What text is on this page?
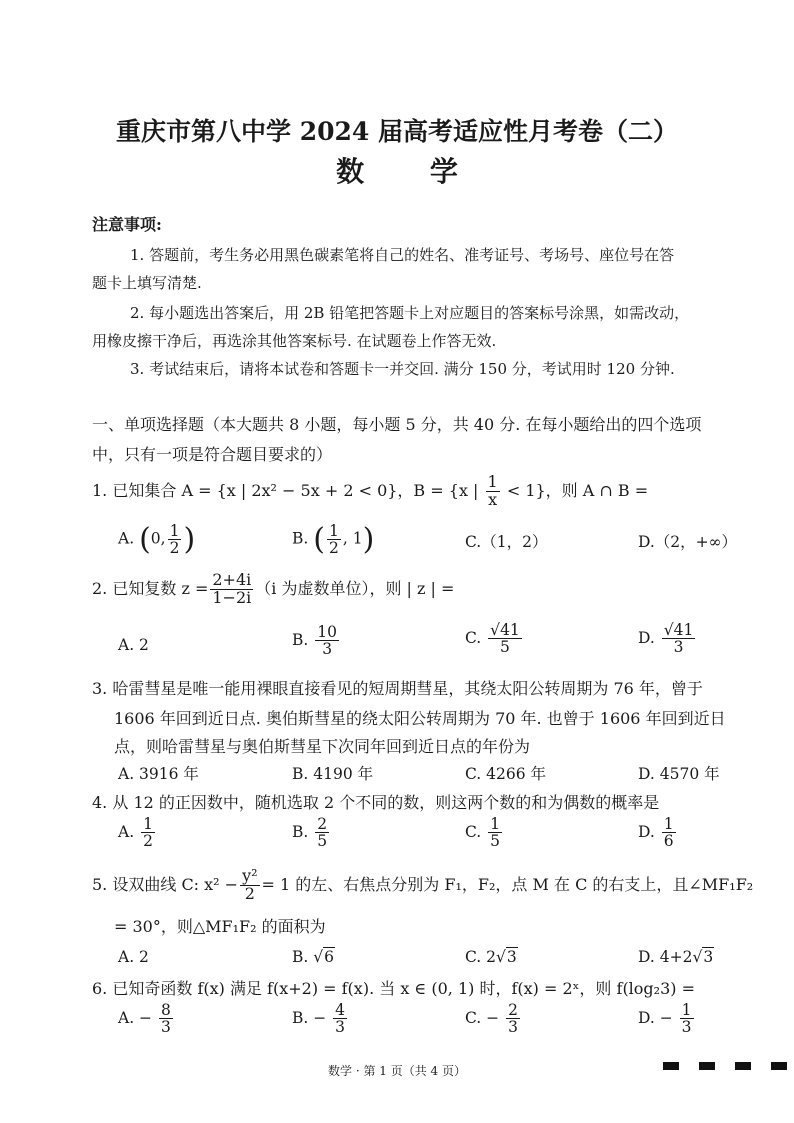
重庆市第八中学 2024 届高考适应性月考卷（二）
数 学
注意事项:
1. 答题前，考生务必用黑色碳素笔将自己的姓名、准考证号、考场号、座位号在答
题卡上填写清楚.
2. 每小题选出答案后，用 2B 铅笔把答题卡上对应题目的答案标号涂黑，如需改动，
用橡皮擦干净后，再选涂其他答案标号. 在试题卷上作答无效.
3. 考试结束后，请将本试卷和答题卡一并交回. 满分 150 分，考试用时 120 分钟.
一、单项选择题（本大题共 8 小题，每小题 5 分，共 40 分. 在每小题给出的四个选项
中，只有一项是符合题目要求的）
1. 已知集合 A = {x | 2x² − 5x + 2 < 0}，B = {x | $\frac{1}{x} < 1$}，则 A ∩ B =
A. (0, $\frac{1}{2}$ )	B. ( $\frac{1}{2}$ , 1)	C.（1，2）	D.（2，+∞）
2. 已知复数 $z = \frac{2+4i}{1-2i} (i$ 为虚数单位），则 | z | =
A. 2	B. $\frac{10}{3}$	C. $\frac{√41}{5}$	D. $\frac{√41}{3}$
3. 哈雷彗星是唯一能用裸眼直接看见的短周期彗星，其绕太阳公转周期为 76 年，曾于
1606 年回到近日点. 奥伯斯彗星的绕太阳公转周期为 70 年. 也曾于 1606 年回到近日
点，则哈雷彗星与奥伯斯彗星下次同年回到近日点的年份为
A. 3916 年	B. 4190 年	C. 4266 年	D. 4570 年
4. 从 12 的正因数中，随机选取 2 个不同的数，则这两个数的和为偶数的概率是
A. $\frac{1}{2}$	B. $\frac{2}{5}$	C. $\frac{1}{5}$	D. $\frac{1}{6}$
5. 设双曲线 C: $x^2 - \frac{\text{y²}}{2} = 1$ 的左、右焦点分别为 F₁，F₂，点 M 在 C 的右支上，且∠MF₁F₂
= 30°，则△MF₁F₂ 的面积为
A. 2	B. √6	C. 2√3	D. 4+2√3
6. 已知奇函数 f(x) 满足 f(x+2) = f(x). 当 x ∈ (0, 1) 时，f(x) = 2ˣ，则 f(log₂3) =
A. − $\frac{8}{3}$	B. − $\frac{4}{3}$	C. − $\frac{2}{3}$	D. − $\frac{1}{3}$
数学 · 第 1 页（共 4 页）
